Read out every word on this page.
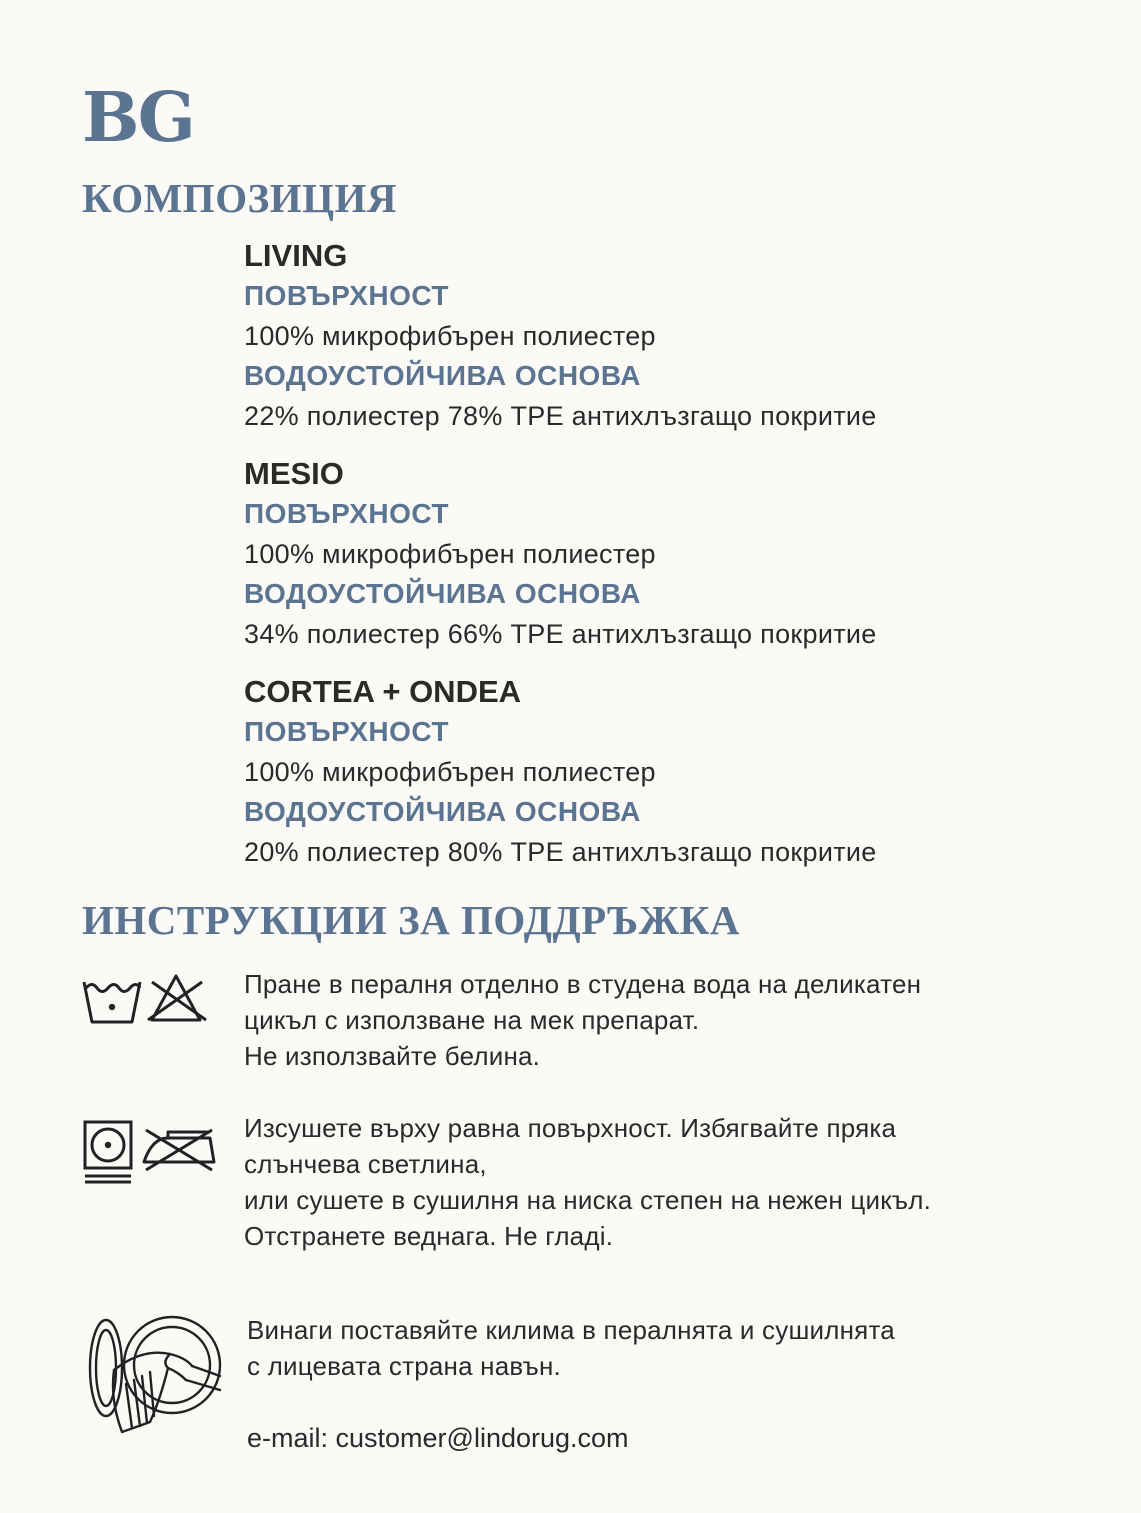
BG
КОМПОЗИЦИЯ
LIVING
ПОВЪРХНОСТ
100% микрофибърен полиестер
ВОДОУСТОЙЧИВА ОСНОВА
22% полиестер 78% TPE антихлъзгащо покритие
MESIO
ПОВЪРХНОСТ
100% микрофибърен полиестер
ВОДОУСТОЙЧИВА ОСНОВА
34% полиестер 66% TPE антихлъзгащо покритие
CORTEA + ONDEA
ПОВЪРХНОСТ
100% микрофибърен полиестер
ВОДОУСТОЙЧИВА ОСНОВА
20% полиестер 80% TPE антихлъзгащо покритие
ИНСТРУКЦИИ ЗА ПОДДРЪЖКА
Пране в пералня отделно в студена вода на деликатен
цикъл с използване на мек препарат.
Не използвайте белина.
Изсушете върху равна повърхност. Избягвайте пряка
слънчева светлина,
или сушете в сушилня на ниска степен на нежен цикъл.
Отстранете веднага. Не гладi.
Винаги поставяйте килима в пералнята и сушилнята
с лицевата страна навън.
e-mail: customer@lindorug.com
